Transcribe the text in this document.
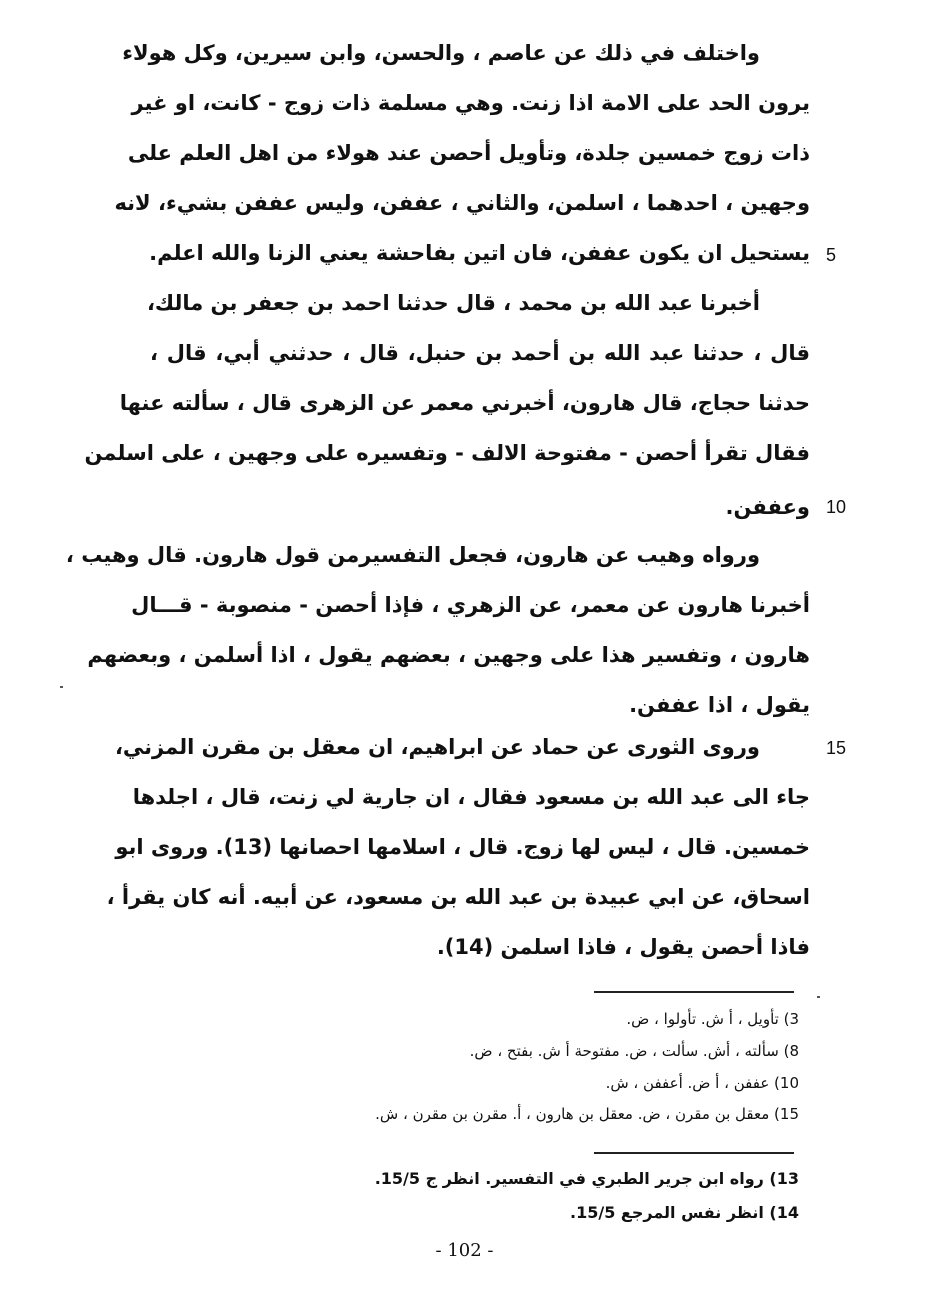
واختلف في ذلك عن عاصم ، والحسن، وابن سيرين، وكل هولاء
يرون الحد على الامة اذا زنت. وهي مسلمة ذات زوج - كانت، او غير
ذات زوج خمسين جلدة، وتأويل أحصن عند هولاء من اهل العلم على
وجهين ، احدهما ، اسلمن، والثاني ، عففن، وليس عففن بشيء، لانه
يستحيل ان يكون عففن، فان اتين بفاحشة يعني الزنا والله اعلم.
أخبرنا عبد الله بن محمد ، قال حدثنا احمد بن جعفر بن مالك،
قال ، حدثنا عبد الله بن أحمد بن حنبل، قال ، حدثني أبي، قال ،
حدثنا حجاج، قال هارون، أخبرني معمر عن الزهرى قال ، سألته عنها
فقال تقرأ أحصن - مفتوحة الالف - وتفسيره على وجهين ، على اسلمن
وعففن.
ورواه وهيب عن هارون، فجعل التفسيرمن قول هارون. قال وهيب ،
أخبرنا هارون عن معمر، عن الزهري ، فإذا أحصن - منصوبة - قـــال
هارون ، وتفسير هذا على وجهين ، بعضهم يقول ، اذا أسلمن ، وبعضهم
يقول ، اذا عففن.
وروى الثورى عن حماد عن ابراهيم، ان معقل بن مقرن المزني،
جاء الى عبد الله بن مسعود فقال ، ان جارية لي زنت، قال ، اجلدها
خمسين. قال ، ليس لها زوج. قال ، اسلامها احصانها (13). وروى ابو
اسحاق، عن ابي عبيدة بن عبد الله بن مسعود، عن أبيه. أنه كان يقرأ ،
فاذا أحصن يقول ، فاذا اسلمن (14).
5
10
15
3) تأويل ، أ ش. تأولوا ، ض.
8) سألته ، أش. سألت ، ض. مفتوحة أ ش. بفتح ، ض.
10) عففن ، أ ض. أعففن ، ش.
15) معقل بن مقرن ، ض. معقل بن هارون ، أ. مقرن بن مقرن ، ش.
13) رواه ابن جرير الطبري في التفسير. انظر ج 15/5.
14) انظر نفس المرجع 15/5.
- 102 -
